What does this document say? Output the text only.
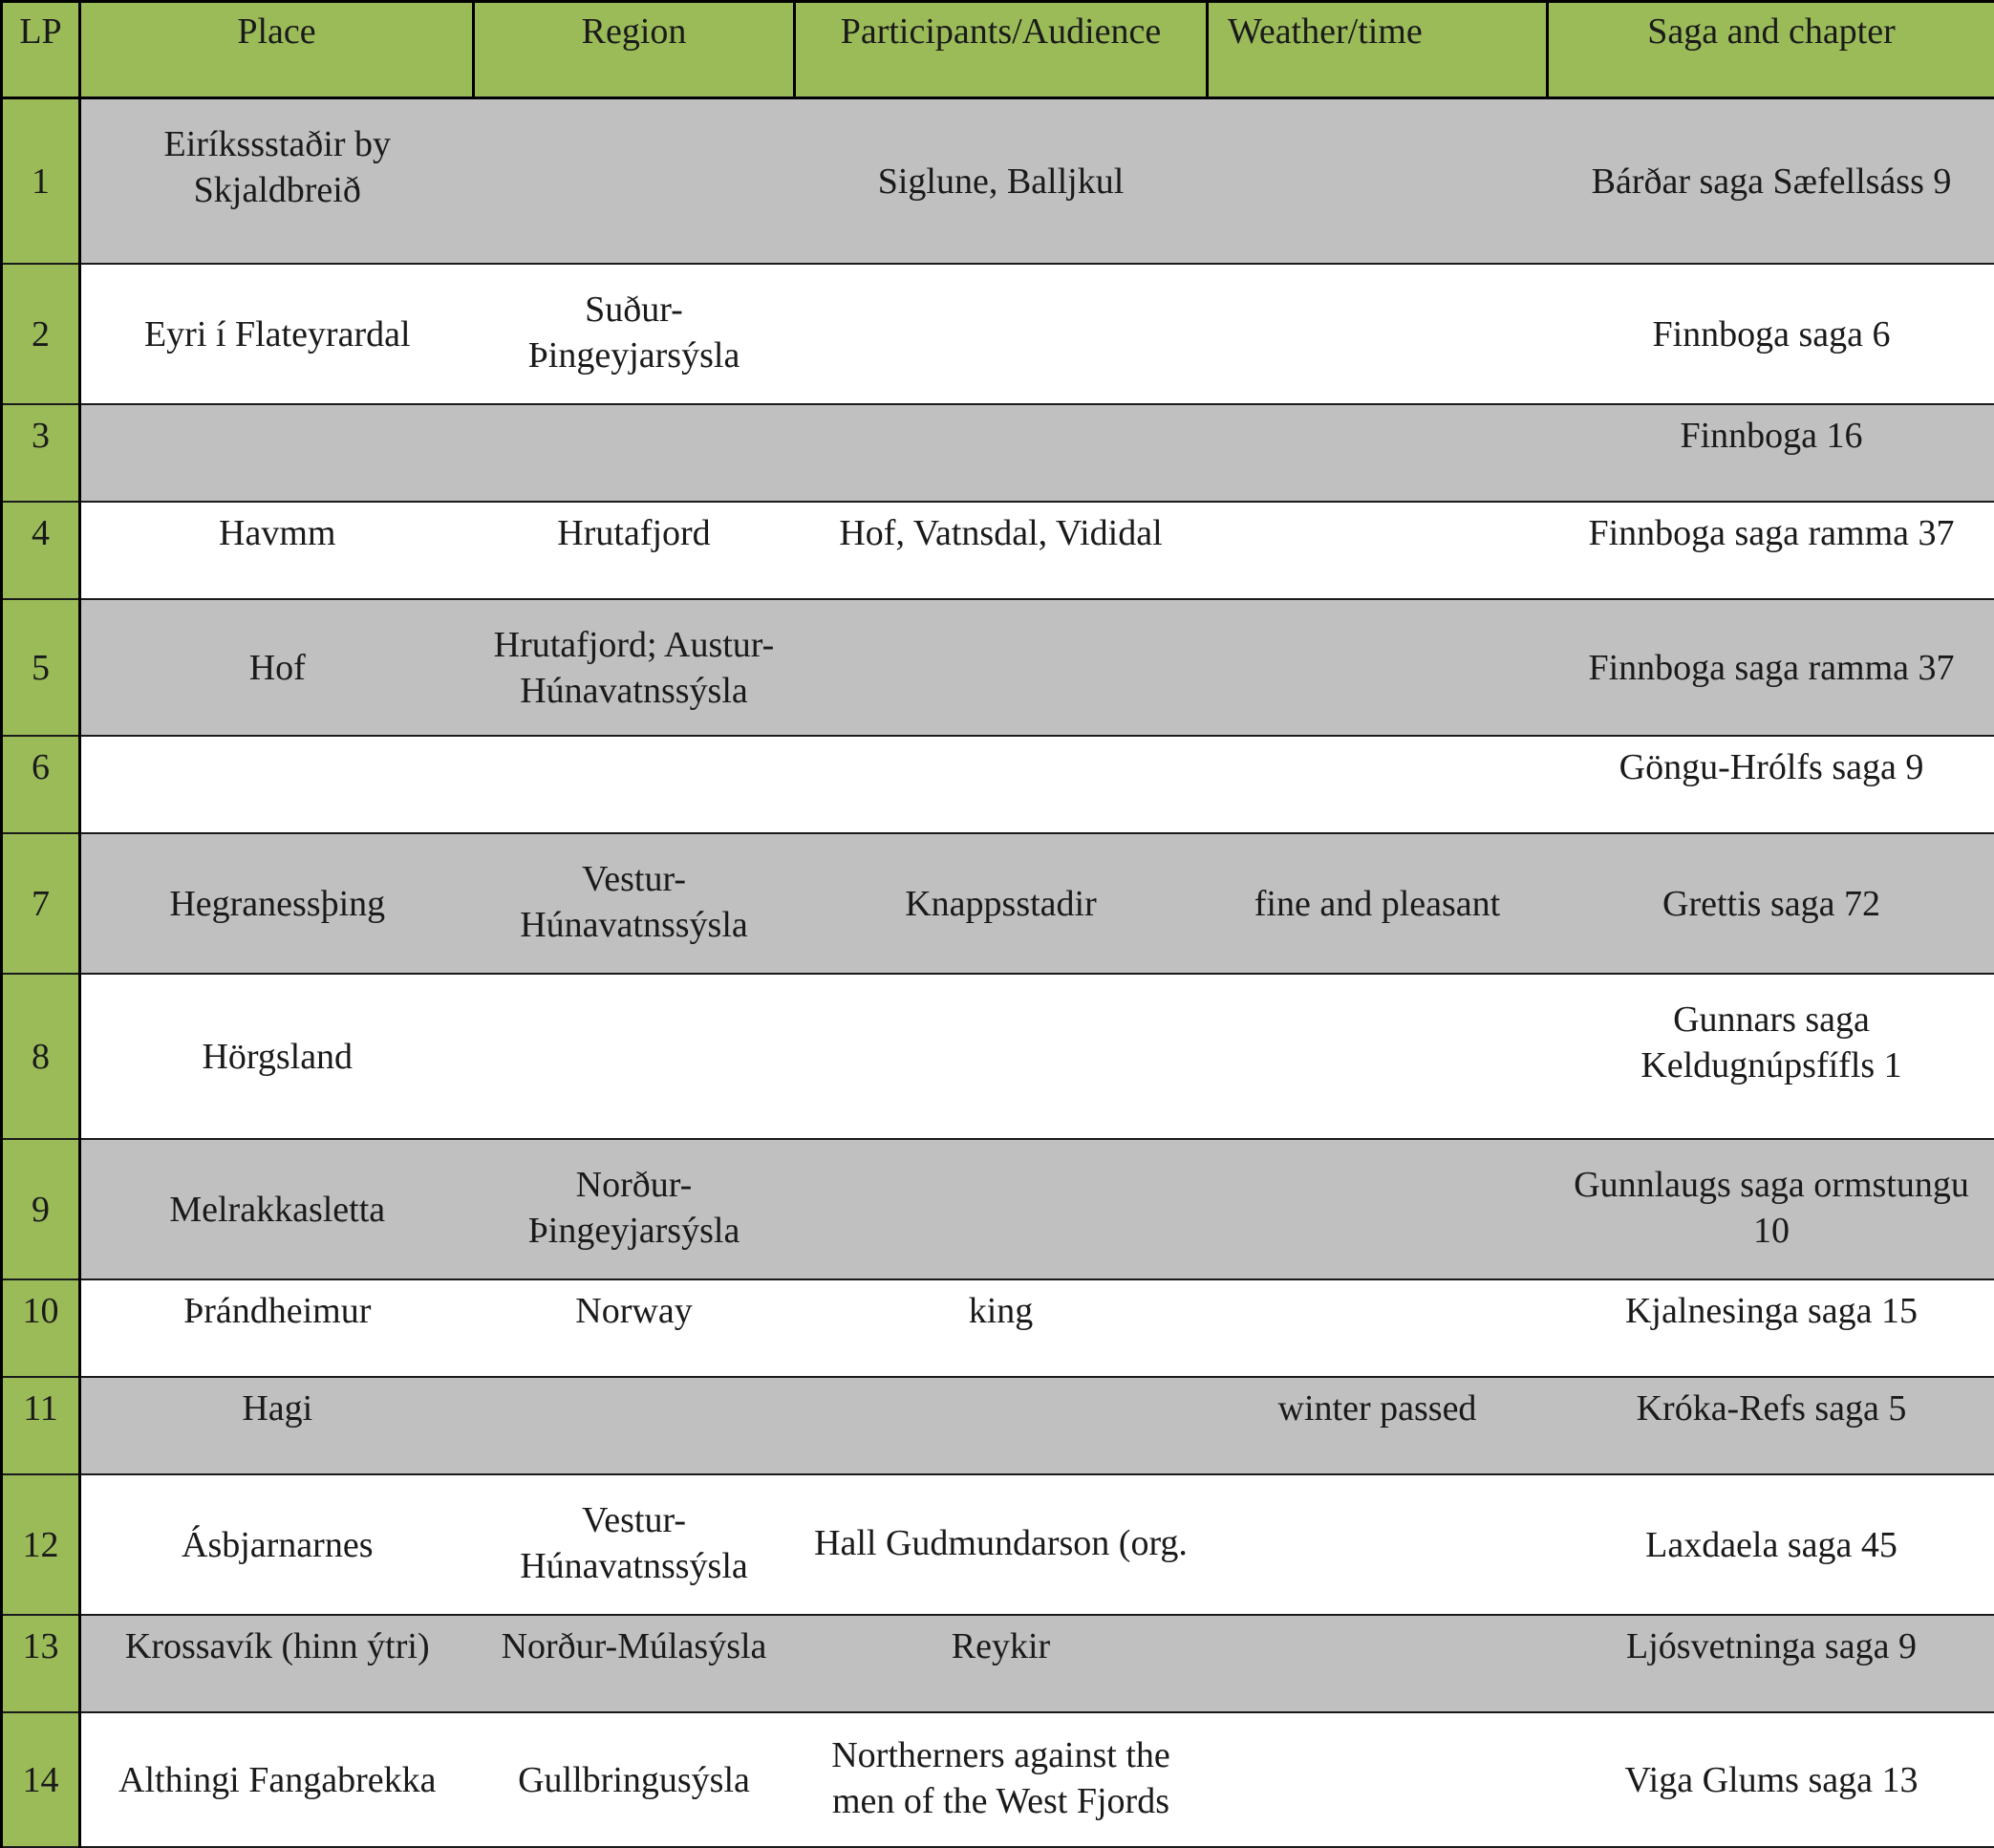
LP	Place	Region	Participants/Audience	Weather/time	Saga and chapter
1	Eiríkssstaðir by Skjaldbreið		Siglune, Balljkul		Bárðar saga Sæfellsáss 9
2	Eyri í Flateyrardal	Suður-Þingeyjarsýsla			Finnboga saga 6
3					Finnboga 16
4	Havmm	Hrutafjord	Hof, Vatnsdal, Vididal		Finnboga saga ramma 37
5	Hof	Hrutafjord; Austur-Húnavatnssýsla			Finnboga saga ramma 37
6					Göngu-Hrólfs saga 9
7	Hegranessþing	Vestur-Húnavatnssýsla	Knappsstadir	fine and pleasant	Grettis saga 72
8	Hörgsland				Gunnars saga Keldugnúpsfífls 1
9	Melrakkasletta	Norður-Þingeyjarsýsla			Gunnlaugs saga ormstungu 10
10	Þrándheimur	Norway	king		Kjalnesinga saga 15
11	Hagi			winter passed	Króka-Refs saga 5
12	Ásbjarnarnes	Vestur-Húnavatnssýsla	Hall Gudmundarson (org.		Laxdaela saga 45
13	Krossavík (hinn ýtri)	Norður-Múlasýsla	Reykir		Ljósvetninga saga 9
14	Althingi Fangabrekka	Gullbringusýsla	Northerners against the men of the West Fjords		Viga Glums saga 13
